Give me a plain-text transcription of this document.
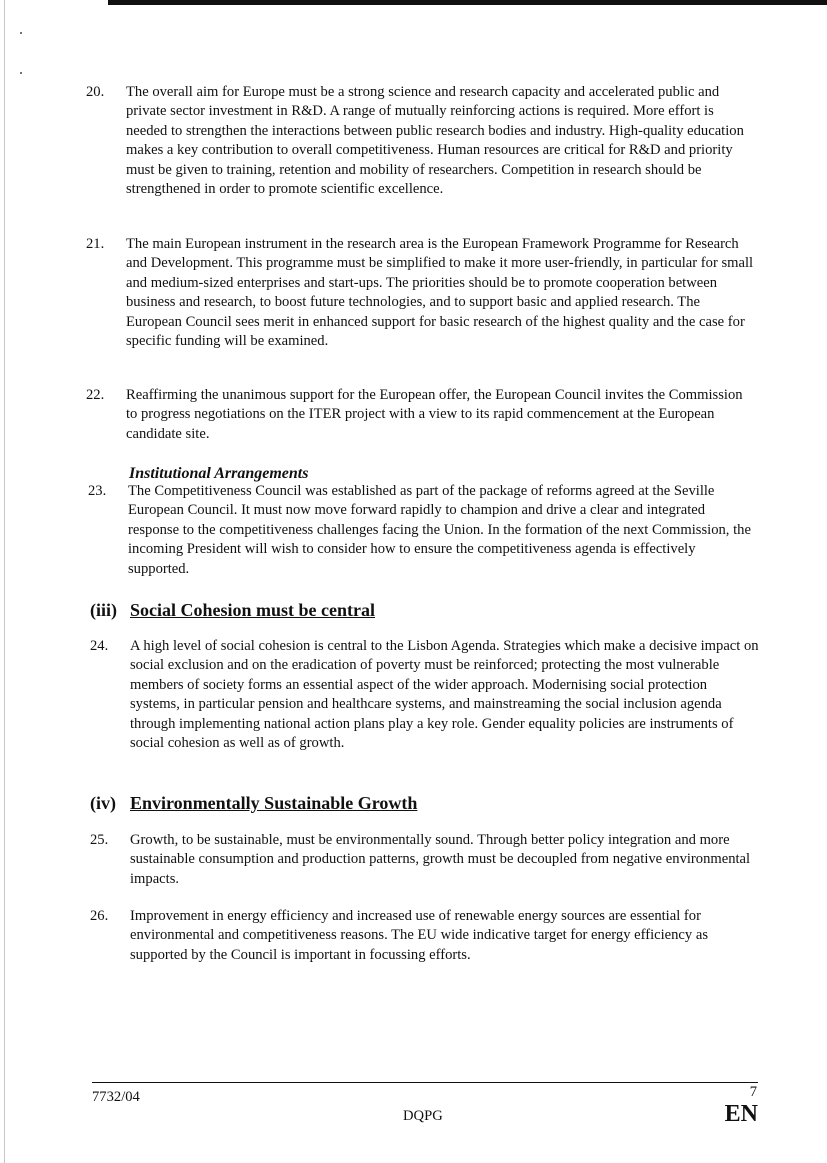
20. The overall aim for Europe must be a strong science and research capacity and accelerated public and private sector investment in R&D. A range of mutually reinforcing actions is required. More effort is needed to strengthen the interactions between public research bodies and industry. High-quality education makes a key contribution to overall competitiveness. Human resources are critical for R&D and priority must be given to training, retention and mobility of researchers. Competition in research should be strengthened in order to promote scientific excellence.
21. The main European instrument in the research area is the European Framework Programme for Research and Development. This programme must be simplified to make it more user-friendly, in particular for small and medium-sized enterprises and start-ups. The priorities should be to promote cooperation between business and research, to boost future technologies, and to support basic and applied research. The European Council sees merit in enhanced support for basic research of the highest quality and the case for specific funding will be examined.
22. Reaffirming the unanimous support for the European offer, the European Council invites the Commission to progress negotiations on the ITER project with a view to its rapid commencement at the European candidate site.
Institutional Arrangements
23. The Competitiveness Council was established as part of the package of reforms agreed at the Seville European Council. It must now move forward rapidly to champion and drive a clear and integrated response to the competitiveness challenges facing the Union. In the formation of the next Commission, the incoming President will wish to consider how to ensure the competitiveness agenda is effectively supported.
(iii) Social Cohesion must be central
24. A high level of social cohesion is central to the Lisbon Agenda. Strategies which make a decisive impact on social exclusion and on the eradication of poverty must be reinforced; protecting the most vulnerable members of society forms an essential aspect of the wider approach. Modernising social protection systems, in particular pension and healthcare systems, and mainstreaming the social inclusion agenda through implementing national action plans play a key role. Gender equality policies are instruments of social cohesion as well as of growth.
(iv) Environmentally Sustainable Growth
25. Growth, to be sustainable, must be environmentally sound. Through better policy integration and more sustainable consumption and production patterns, growth must be decoupled from negative environmental impacts.
26. Improvement in energy efficiency and increased use of renewable energy sources are essential for environmental and competitiveness reasons. The EU wide indicative target for energy efficiency as supported by the Council is important in focussing efforts.
7732/04
DQPG
7
EN
